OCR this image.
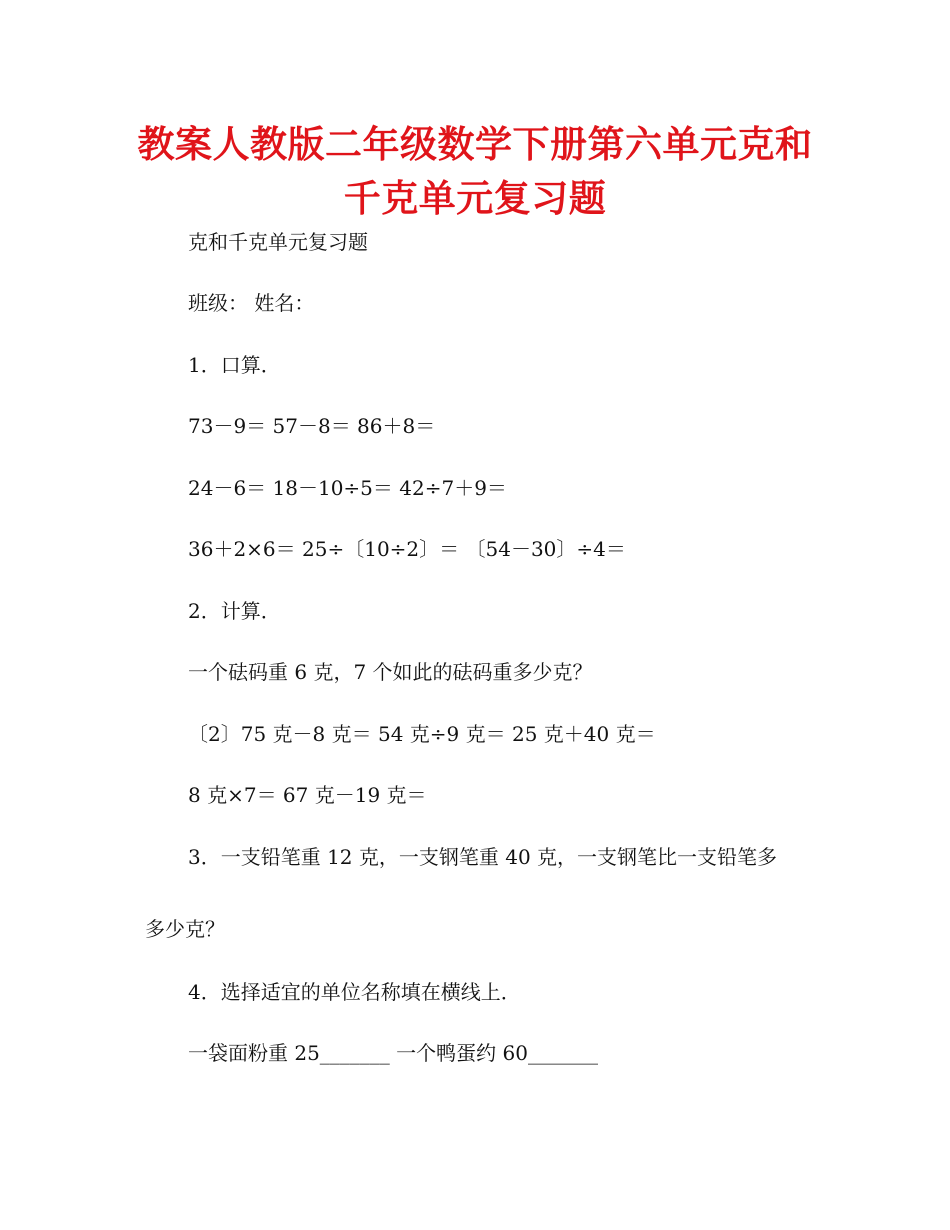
教案人教版二年级数学下册第六单元克和
千克单元复习题
克和千克单元复习题
班级： 姓名：
1．口算．
73－9＝ 57－8＝ 86＋8＝
24－6＝ 18－10÷5＝ 42÷7＋9＝
36＋2×6＝ 25÷〔10÷2〕＝ 〔54－30〕÷4＝
2．计算．
一个砝码重 6 克，7 个如此的砝码重多少克？
〔2〕75 克－8 克＝ 54 克÷9 克＝ 25 克＋40 克＝
8 克×7＝ 67 克－19 克＝
3．一支铅笔重 12 克，一支钢笔重 40 克，一支钢笔比一支铅笔多
多少克？
4．选择适宜的单位名称填在横线上．
一袋面粉重 25_______ 一个鸭蛋约 60_______
